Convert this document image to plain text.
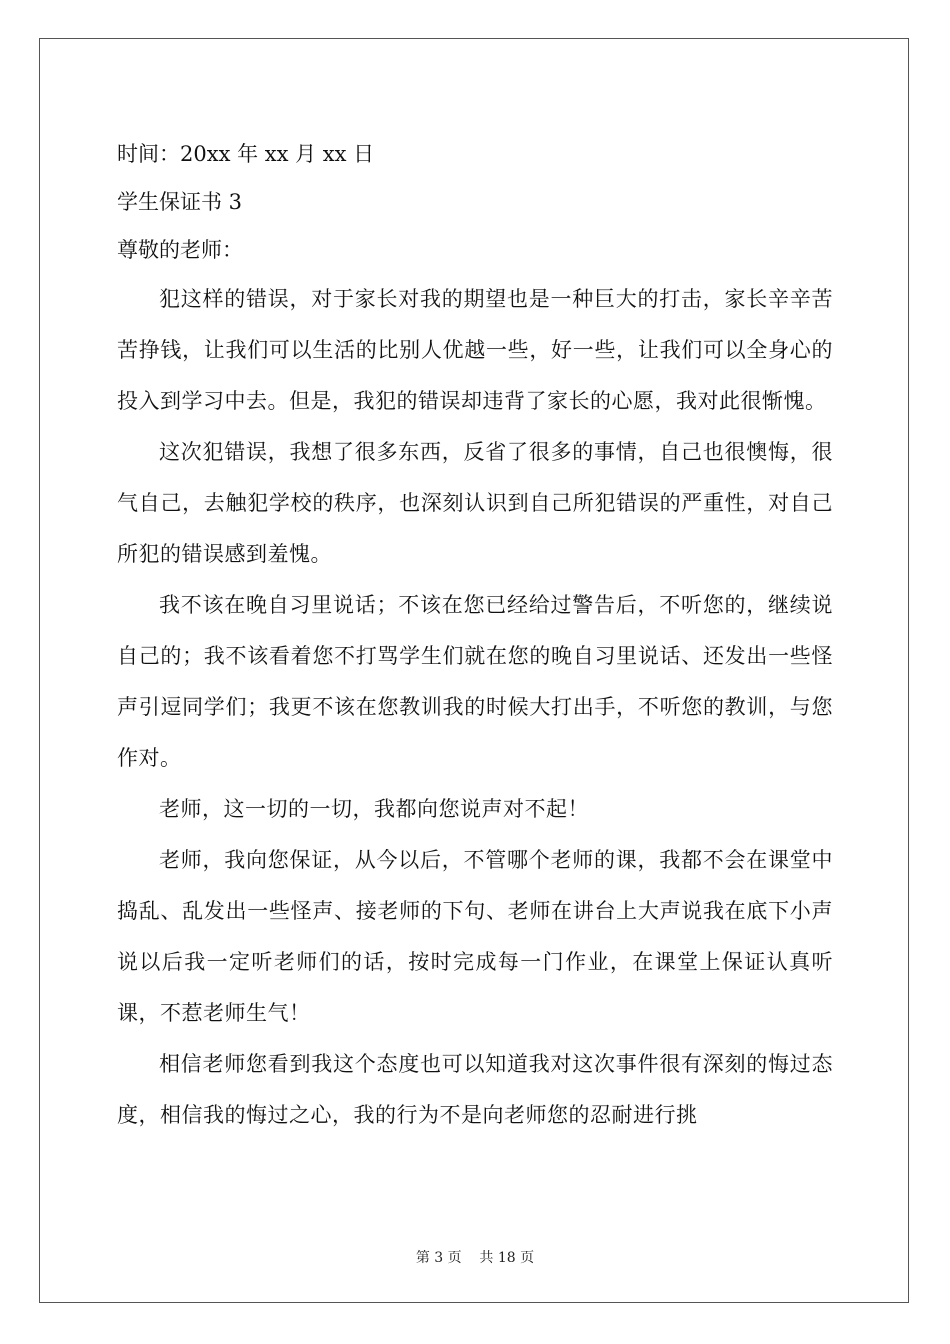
时间：20xx 年 xx 月 xx 日

学生保证书 3

尊敬的老师：

犯这样的错误，对于家长对我的期望也是一种巨大的打击，家长辛辛苦苦挣钱，让我们可以生活的比别人优越一些，好一些，让我们可以全身心的投入到学习中去。但是，我犯的错误却违背了家长的心愿，我对此很惭愧。

这次犯错误，我想了很多东西，反省了很多的事情，自己也很懊悔，很气自己，去触犯学校的秩序，也深刻认识到自己所犯错误的严重性，对自己所犯的错误感到羞愧。

我不该在晚自习里说话；不该在您已经给过警告后，不听您的，继续说自己的；我不该看着您不打骂学生们就在您的晚自习里说话、还发出一些怪声引逗同学们；我更不该在您教训我的时候大打出手，不听您的教训，与您作对。

老师，这一切的一切，我都向您说声对不起！

老师，我向您保证，从今以后，不管哪个老师的课，我都不会在课堂中捣乱、乱发出一些怪声、接老师的下句、老师在讲台上大声说我在底下小声说以后我一定听老师们的话，按时完成每一门作业，在课堂上保证认真听课，不惹老师生气！

相信老师您看到我这个态度也可以知道我对这次事件很有深刻的悔过态度，相信我的悔过之心，我的行为不是向老师您的忍耐进行挑

第 3 页    共 18 页
